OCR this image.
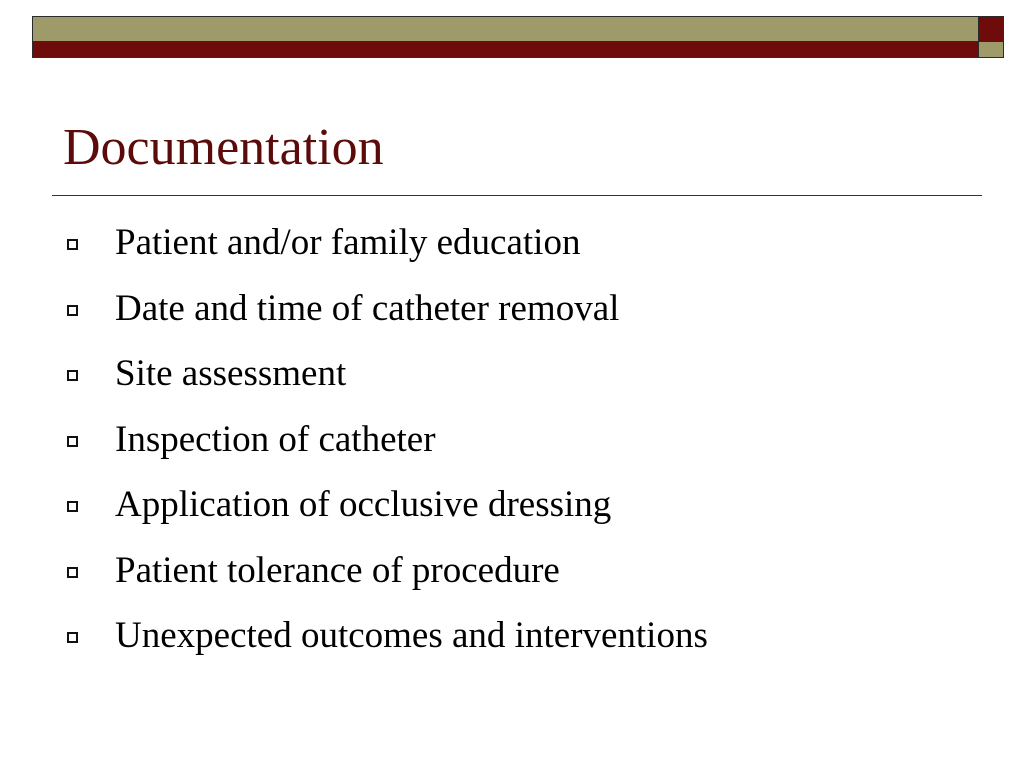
Documentation
Patient and/or family education
Date and time of catheter removal
Site assessment
Inspection of catheter
Application of occlusive dressing
Patient tolerance of procedure
Unexpected outcomes and interventions
